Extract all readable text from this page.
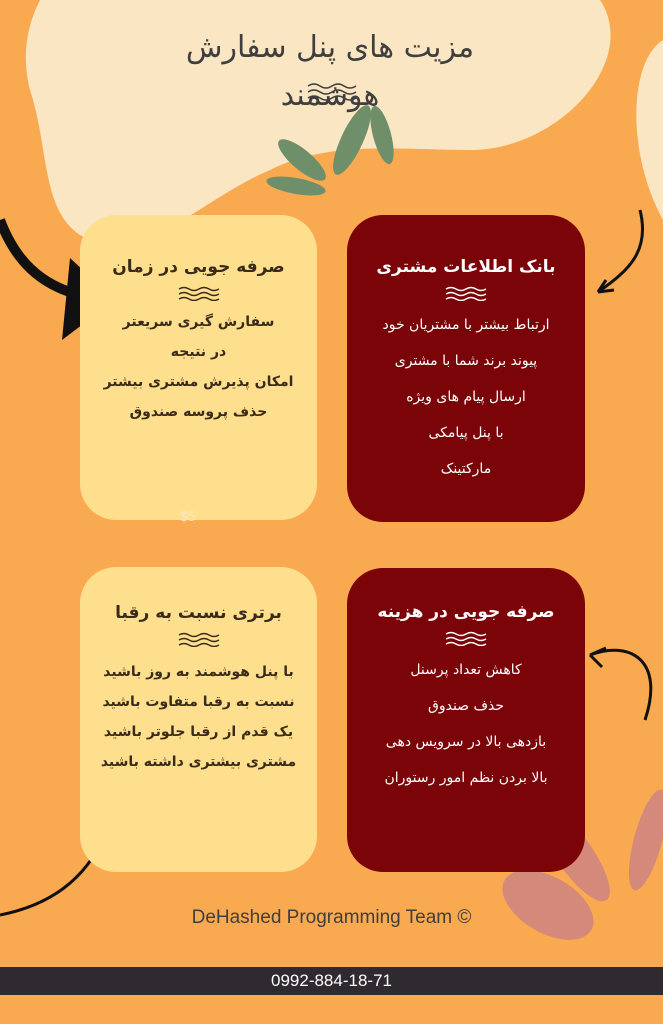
مزیت های پنل سفارش
هوشمند
صرفه جویی در زمان

سفارش گیری سریعتر

در نتیجه

امکان پذیرش مشتری بیشتر

حذف پروسه صندوق

$5
بانک اطلاعات مشتری

ارتباط بیشتر با مشتریان خود

پیوند برند شما با مشتری

ارسال پیام های ویژه

با پنل پیامکی

مارکتینک

برتری نسبت به رقبا

با پنل هوشمند به روز باشید

نسبت به رقبا متفاوت باشید

یک قدم از رقبا جلوتر باشید

مشتری بیشتری داشته باشید

صرفه جویی در هزینه

کاهش تعداد پرسنل

حذف صندوق

بازدهی بالا در سرویس دهی

بالا بردن نظم امور رستوران

DeHashed Programming Team ©
0992-884-18-71
